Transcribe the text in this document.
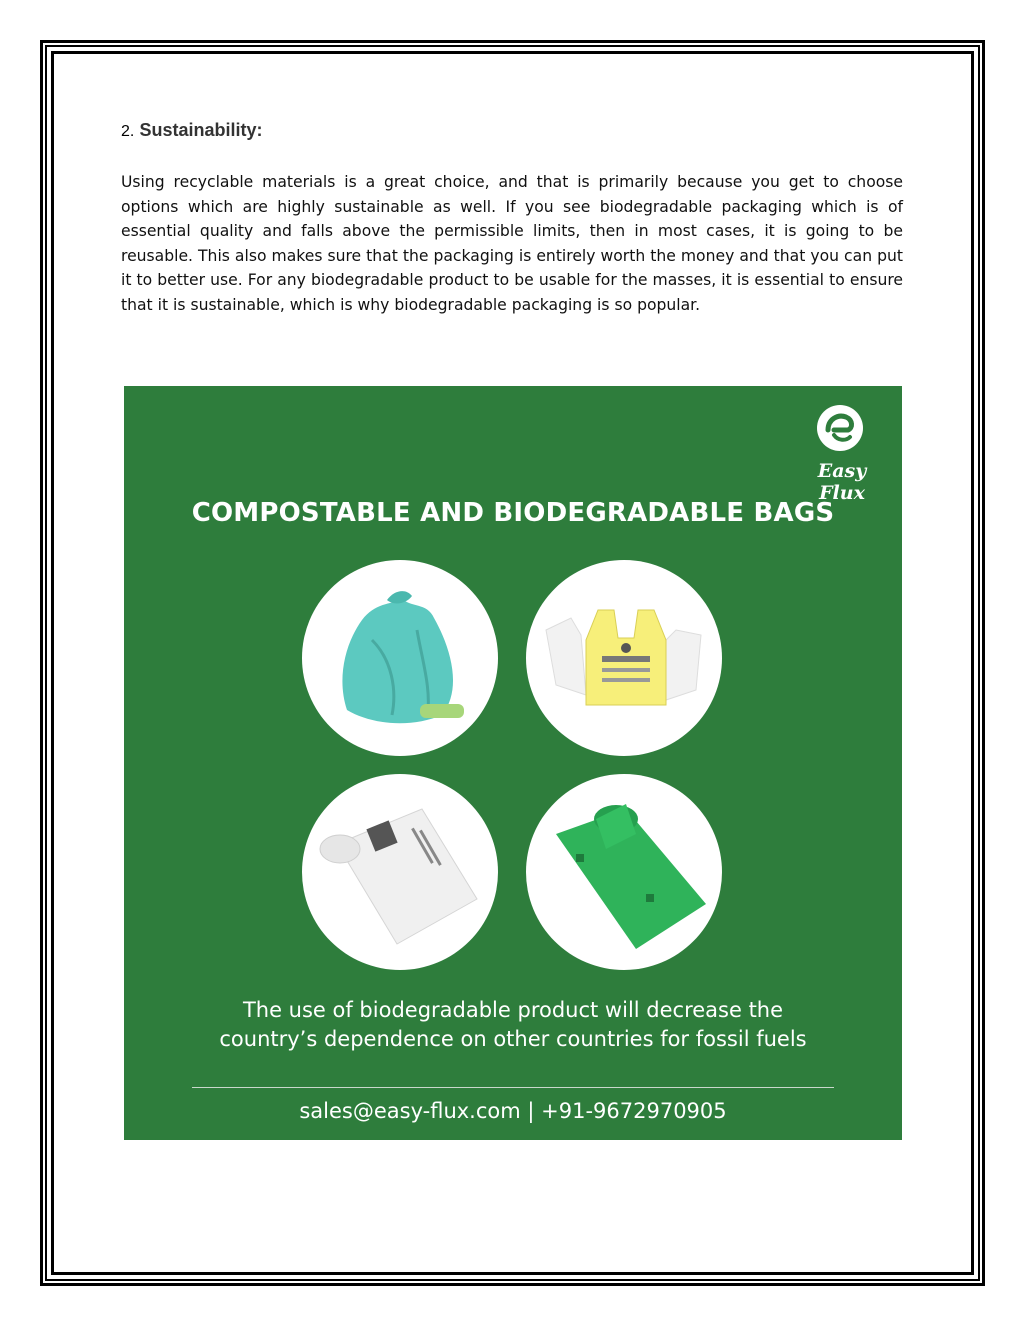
2. Sustainability:

Using recyclable materials is a great choice, and that is primarily because you get to choose options which are highly sustainable as well. If you see biodegradable packaging which is of essential quality and falls above the permissible limits, then in most cases, it is going to be reusable. This also makes sure that the packaging is entirely worth the money and that you can put it to better use. For any biodegradable product to be usable for the masses, it is essential to ensure that it is sustainable, which is why biodegradable packaging is so popular.

Easy Flux
COMPOSTABLE AND BIODEGRADABLE BAGS
The use of biodegradable product will decrease the
country’s dependence on other countries for fossil fuels
sales@easy-flux.com | +91-9672970905
